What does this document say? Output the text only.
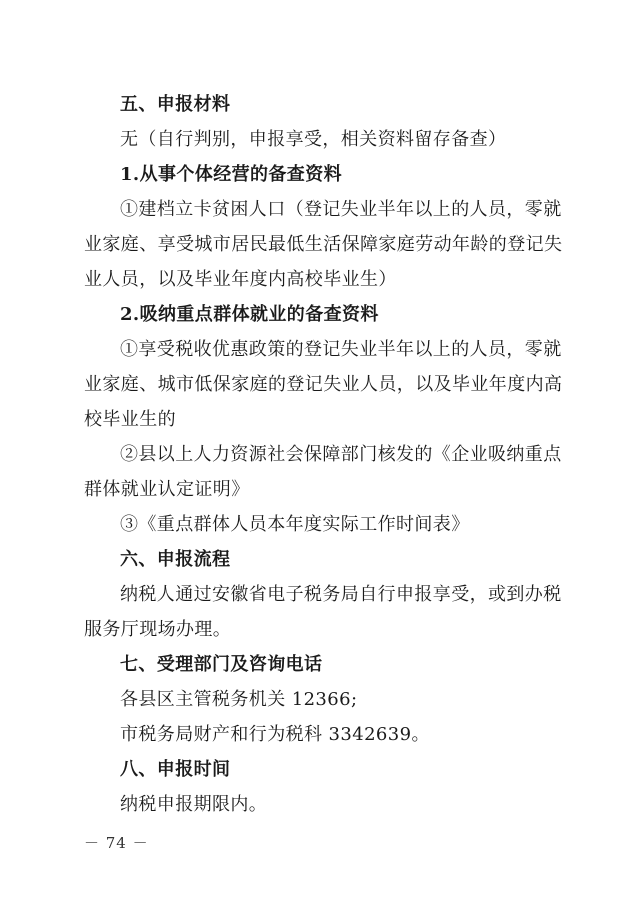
五、申报材料
无（自行判别，申报享受，相关资料留存备查）
1.从事个体经营的备查资料
①建档立卡贫困人口（登记失业半年以上的人员，零就
业家庭、享受城市居民最低生活保障家庭劳动年龄的登记失
业人员，以及毕业年度内高校毕业生）
2.吸纳重点群体就业的备查资料
①享受税收优惠政策的登记失业半年以上的人员，零就
业家庭、城市低保家庭的登记失业人员，以及毕业年度内高
校毕业生的
②县以上人力资源社会保障部门核发的《企业吸纳重点
群体就业认定证明》
③《重点群体人员本年度实际工作时间表》
六、申报流程
纳税人通过安徽省电子税务局自行申报享受，或到办税
服务厅现场办理。
七、受理部门及咨询电话
各县区主管税务机关 12366;
市税务局财产和行为税科 3342639。
八、申报时间
纳税申报期限内。
－ 74 －
